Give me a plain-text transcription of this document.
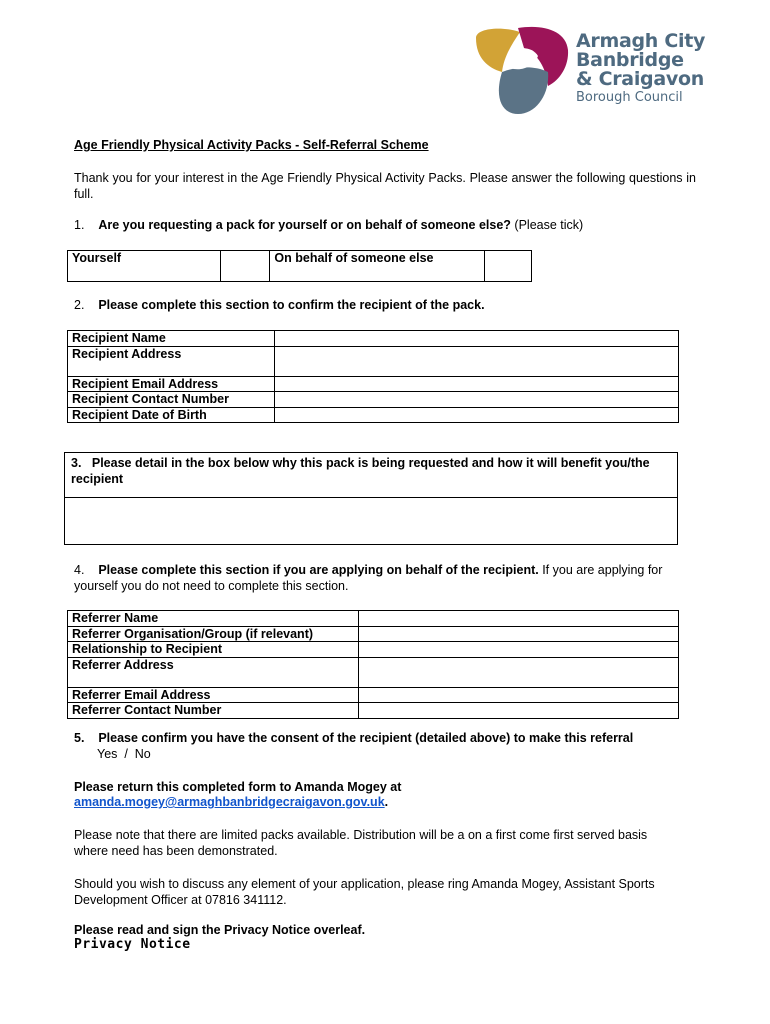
Armagh City
Banbridge
& Craigavon
Borough Council
Age Friendly Physical Activity Packs - Self-Referral Scheme

Thank you for your interest in the Age Friendly Physical Activity Packs. Please answer the following questions in full.

1. Are you requesting a pack for yourself or on behalf of someone else? (Please tick)
Yourself		On behalf of someone else	
2. Please complete this section to confirm the recipient of the pack.
Recipient Name	
Recipient Address	
Recipient Email Address	
Recipient Contact Number	
Recipient Date of Birth	
3. Please detail in the box below why this pack is being requested and how it will benefit you/the recipient

4. Please complete this section if you are applying on behalf of the recipient. If you are applying for yourself you do not need to complete this section.

Referrer Name	
Referrer Organisation/Group (if relevant)	
Relationship to Recipient	
Referrer Address	
Referrer Email Address	
Referrer Contact Number	
5. Please confirm you have the consent of the recipient (detailed above) to make this referral
Yes  /  No
Please return this completed form to Amanda Mogey at
amanda.mogey@armaghbanbridgecraigavon.gov.uk.

Please note that there are limited packs available. Distribution will be a on a first come first served basis where need has been demonstrated.

Should you wish to discuss any element of your application, please ring Amanda Mogey, Assistant Sports Development Officer at 07816 341112.

Please read and sign the Privacy Notice overleaf.
Privacy Notice
